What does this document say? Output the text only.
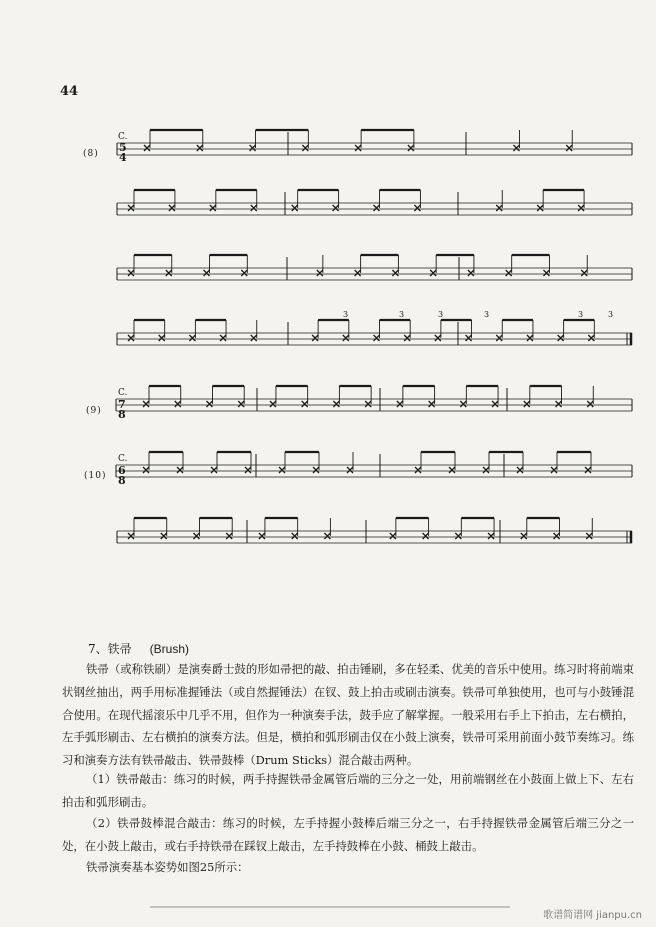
44
(8)
(9)
(10)
C.
5
4
C.
7
8
C.
6
8
3	3	3	3	3	3
7、铁帚 (Brush)

铁帚（或称铁刷）是演奏爵士鼓的形如帚把的敲、拍击锤刷，多在轻柔、优美的音乐中使用。练习时将前端束状钢丝抽出，两手用标准握锤法（或自然握锤法）在钗、鼓上拍击或刷击演奏。铁帚可单独使用，也可与小鼓锤混合使用。在现代摇滚乐中几乎不用，但作为一种演奏手法，鼓手应了解掌握。一般采用右手上下拍击，左右横拍，左手弧形刷击、左右横拍的演奏方法。但是，横拍和弧形刷击仅在小鼓上演奏，铁帚可采用前面小鼓节奏练习。练习和演奏方法有铁帚敲击、铁帚鼓棒（Drum Sticks）混合敲击两种。

（1）铁帚敲击：练习的时候，两手持握铁帚金属管后端的三分之一处，用前端钢丝在小鼓面上做上下、左右拍击和弧形刷击。

（2）铁帚鼓棒混合敲击：练习的时候，左手持握小鼓棒后端三分之一，右手持握铁帚金属管后端三分之一处，在小鼓上敲击，或右手持铁帚在踩钗上敲击，左手持鼓棒在小鼓、桶鼓上敲击。

铁帚演奏基本姿势如图25所示：

歌谱简谱网 jianpu.cn
